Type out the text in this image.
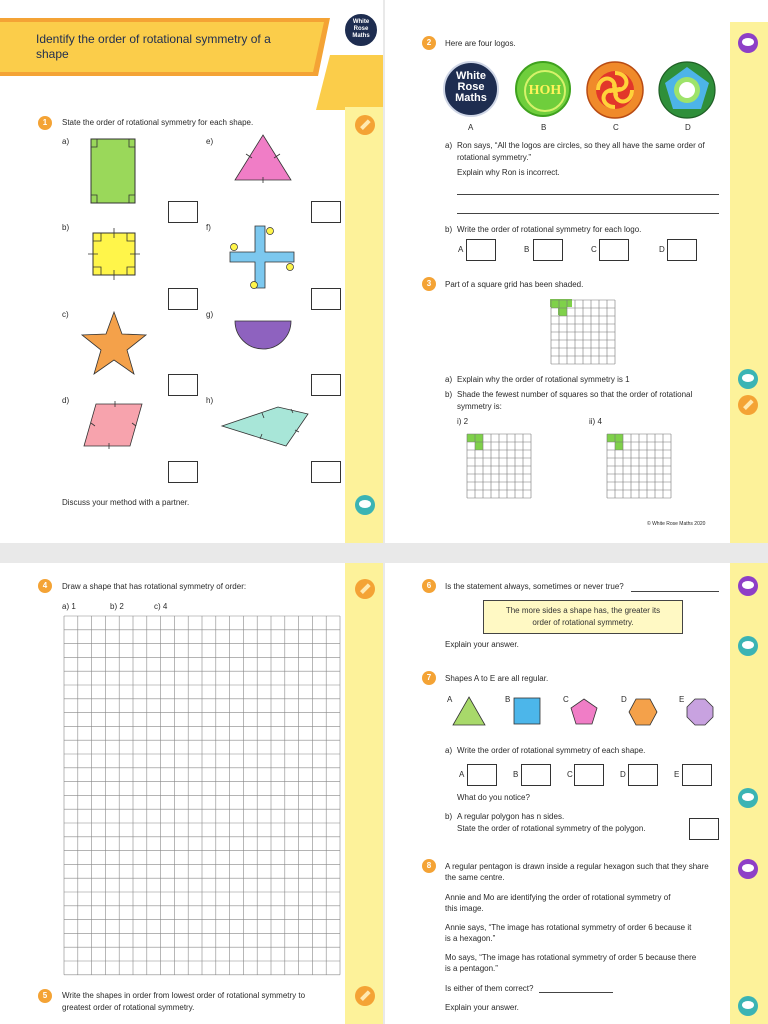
Identify the order of rotational symmetry of a shape
White
Rose
Maths
1	State the order of rotational symmetry for each shape.
a)
b)
c)
d)
e)
f)
g)
h)
Discuss your method with a partner.
2	Here are four logos.
White
Rose
Maths	HOH
A	B	C	D
a) Ron says, “All the logos are circles, so they all have the same order of
rotational symmetry.”
Explain why Ron is incorrect.
b) Write the order of rotational symmetry for each logo.
A	B	C	D
3	Part of a square grid has been shaded.
a) Explain why the order of rotational symmetry is 1
b) Shade the fewest number of squares so that the order of rotational
symmetry is:
i) 2	ii) 4
© White Rose Maths 2020
4	Draw a shape that has rotational symmetry of order:
a) 1	b) 2	c) 4
5	Write the shapes in order from lowest order of rotational symmetry to
greatest order of rotational symmetry.
6	Is the statement always, sometimes or never true?
The more sides a shape has, the greater its
order of rotational symmetry.
Explain your answer.
7	Shapes A to E are all regular.
A	B	C	D	E
a) Write the order of rotational symmetry of each shape.
A	B	C	D	E
What do you notice?
b) A regular polygon has n sides.
State the order of rotational symmetry of the polygon.
8	A regular pentagon is drawn inside a regular hexagon such that they share
the same centre.
Annie and Mo are identifying the order of rotational symmetry of
this image.
Annie says, “The image has rotational symmetry of order 6 because it
is a hexagon.”
Mo says, “The image has rotational symmetry of order 5 because there
is a pentagon.”
Is either of them correct?
Explain your answer.
